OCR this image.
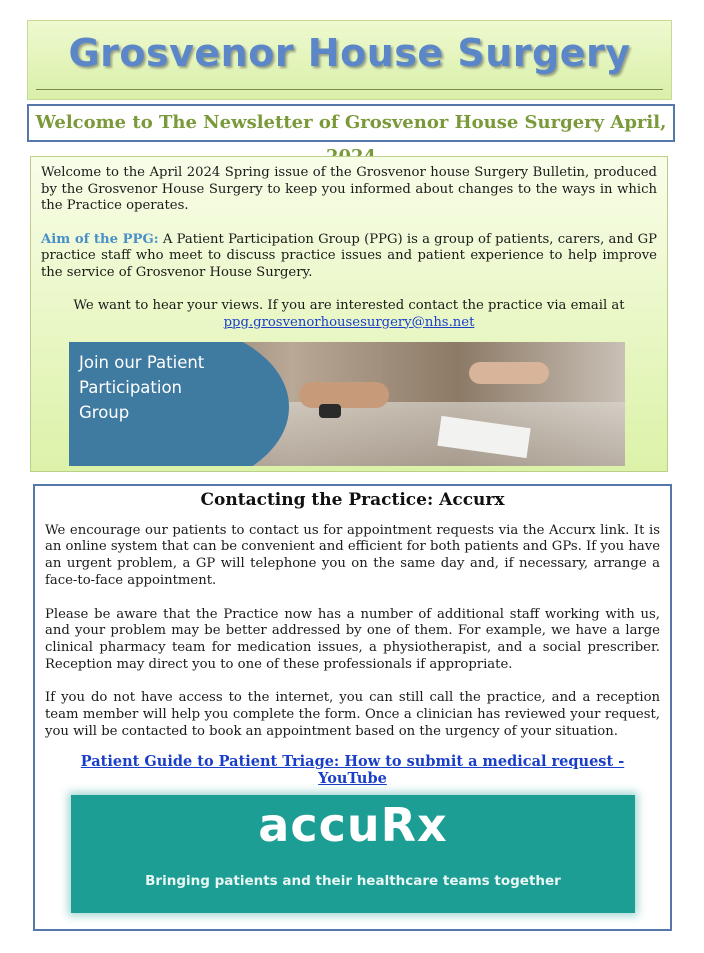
Grosvenor House Surgery
Welcome to The Newsletter of Grosvenor House Surgery April,

Welcome to the April 2024 Spring issue of the Grosvenor house Surgery Bulletin, produced by the Grosvenor House Surgery to keep you informed about changes to the ways in which the Practice operates.

Aim of the PPG: A Patient Participation Group (PPG) is a group of patients, carers, and GP practice staff who meet to discuss practice issues and patient experience to help improve the service of Grosvenor House Surgery.

We want to hear your views. If you are interested contact the practice via email at

ppg.grosvenorhousesurgery@nhs.net

Join our Patient
Participation
Group
Contacting the Practice: Accurx

We encourage our patients to contact us for appointment requests via the Accurx link. It is an online system that can be convenient and efficient for both patients and GPs. If you have an urgent problem, a GP will telephone you on the same day and, if necessary, arrange a face-to-face appointment.

Please be aware that the Practice now has a number of additional staff working with us, and your problem may be better addressed by one of them. For example, we have a large clinical pharmacy team for medication issues, a physiotherapist, and a social prescriber. Reception may direct you to one of these professionals if appropriate.

If you do not have access to the internet, you can still call the practice, and a reception team member will help you complete the form. Once a clinician has reviewed your request, you will be contacted to book an appointment based on the urgency of your situation.

Patient Guide to Patient Triage: How to submit a medical request - YouTube
accuRx
Bringing patients and their healthcare teams together
